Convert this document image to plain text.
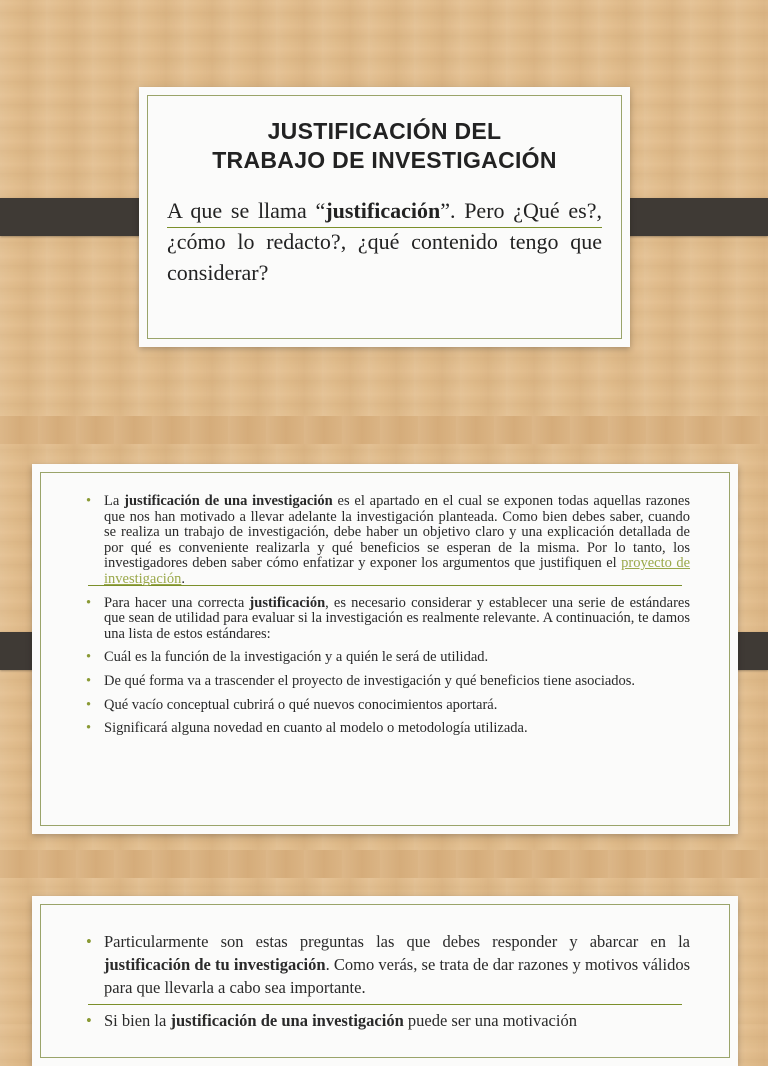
JUSTIFICACIÓN DEL
TRABAJO DE INVESTIGACIÓN
A que se llama “justificación”. Pero ¿Qué es?, ¿cómo lo redacto?, ¿qué contenido tengo que considerar?
• La justificación de una investigación es el apartado en el cual se exponen todas aquellas razones que nos han motivado a llevar adelante la investigación planteada. Como bien debes saber, cuando se realiza un trabajo de investigación, debe haber un objetivo claro y una explicación detallada de por qué es conveniente realizarla y qué beneficios se esperan de la misma. Por lo tanto, los investigadores deben saber cómo enfatizar y exponer los argumentos que justifiquen el proyecto de investigación.
• Para hacer una correcta justificación, es necesario considerar y establecer una serie de estándares que sean de utilidad para evaluar si la investigación es realmente relevante. A continuación, te damos una lista de estos estándares:
• Cuál es la función de la investigación y a quién le será de utilidad.
• De qué forma va a trascender el proyecto de investigación y qué beneficios tiene asociados.
• Qué vacío conceptual cubrirá o qué nuevos conocimientos aportará.
• Significará alguna novedad en cuanto al modelo o metodología utilizada.
• Particularmente son estas preguntas las que debes responder y abarcar en la justificación de tu investigación. Como verás, se trata de dar razones y motivos válidos para que llevarla a cabo sea importante.
• Si bien la justificación de una investigación puede ser una motivación
